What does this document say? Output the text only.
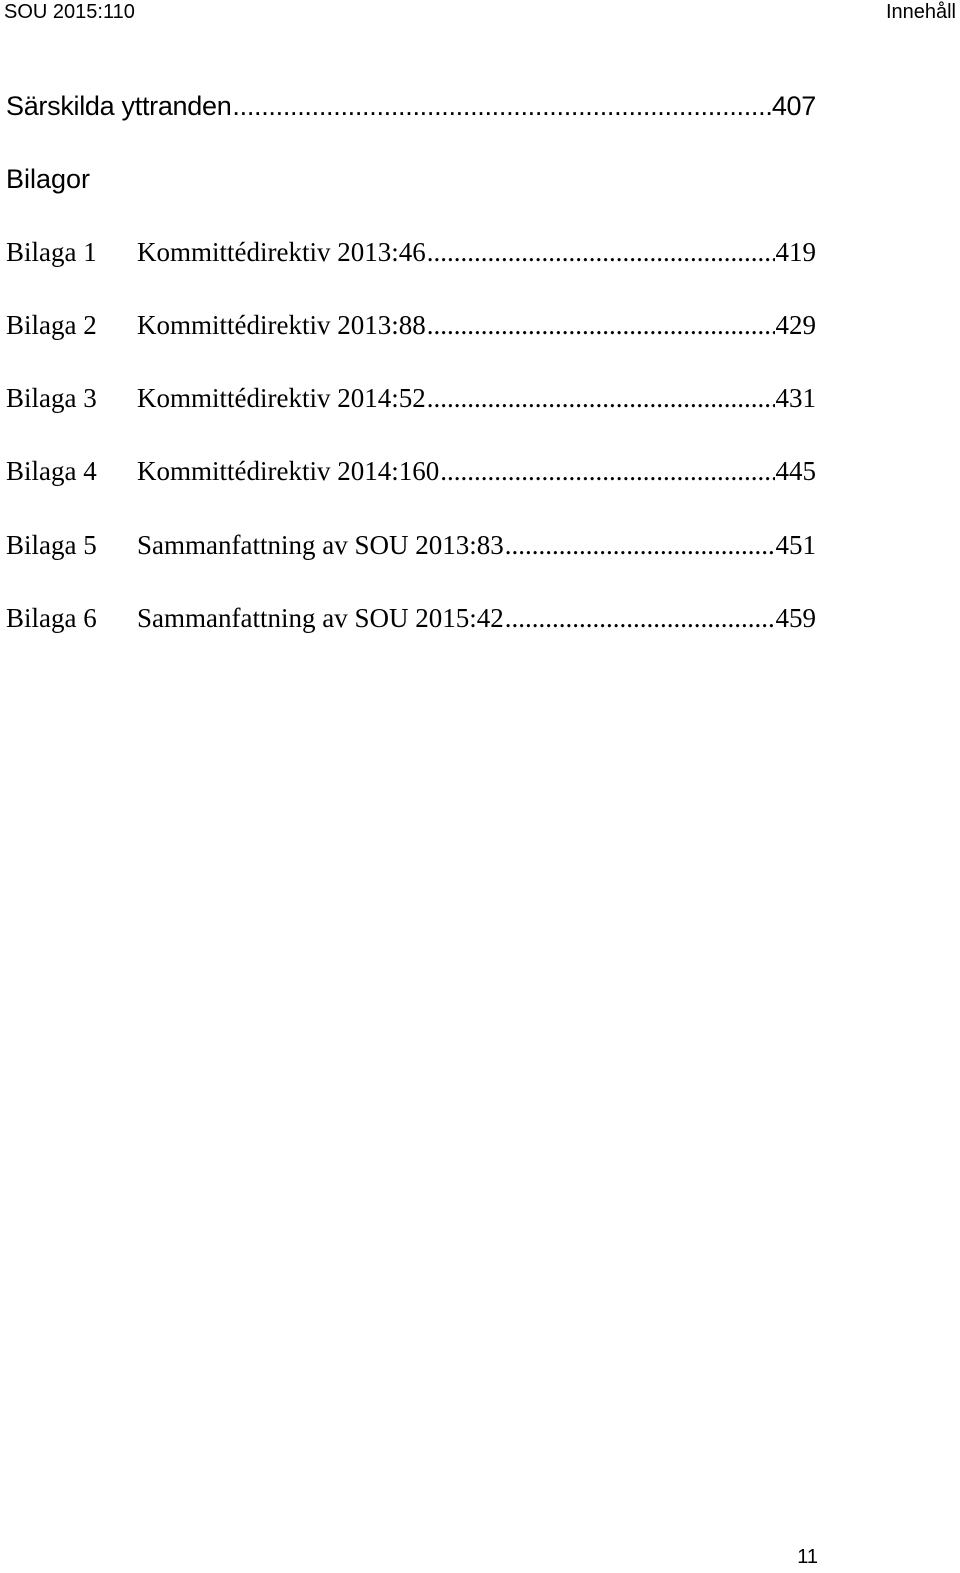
SOU 2015:110	Innehåll
Särskilda yttranden .....	407
Bilagor
Bilaga 1	Kommittédirektiv 2013:46 .....	419
Bilaga 2	Kommittédirektiv 2013:88 .....	429
Bilaga 3	Kommittédirektiv 2014:52 .....	431
Bilaga 4	Kommittédirektiv 2014:160 .....	445
Bilaga 5	Sammanfattning av SOU 2013:83 .....	451
Bilaga 6	Sammanfattning av SOU 2015:42 .....	459
11
